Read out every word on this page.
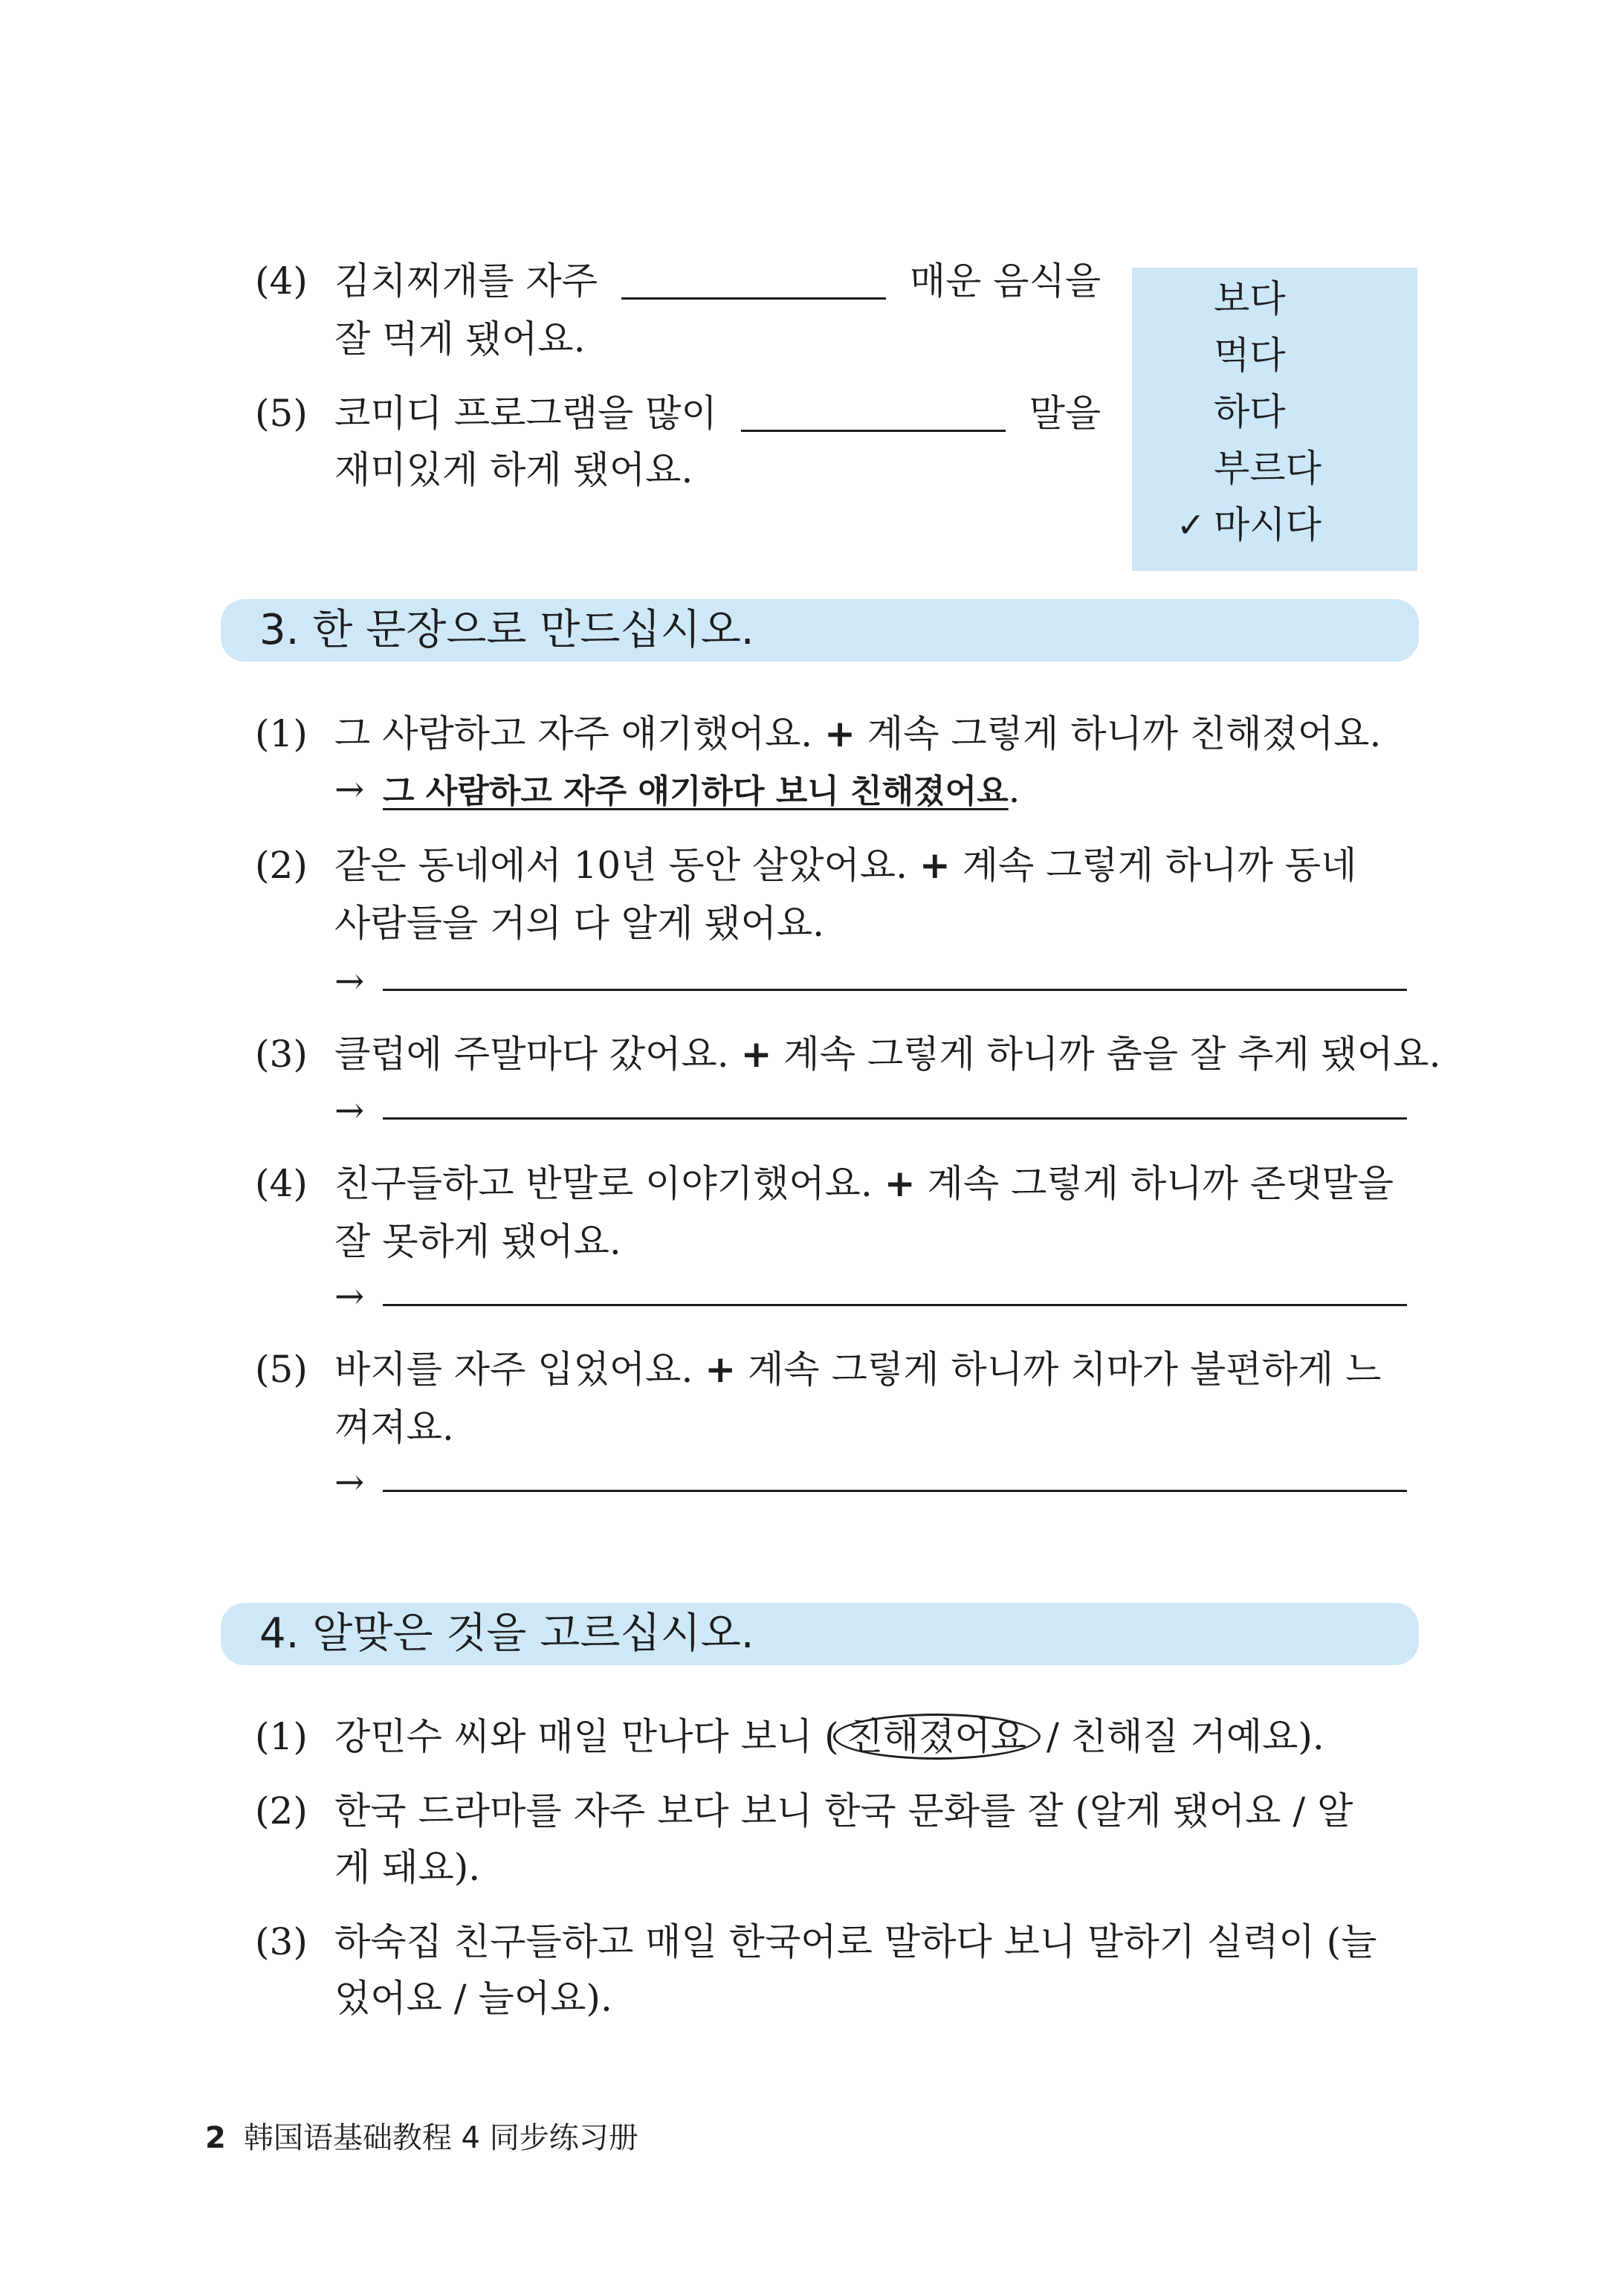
(4) 김치찌개를 자주	매운 음식을
잘 먹게 됐어요.
(5) 코미디 프로그램을 많이	말을
재미있게 하게 됐어요.
보다
먹다
하다
부르다
✓ 마시다
3. 한 문장으로 만드십시오.
(1) 그 사람하고 자주 얘기했어요. + 계속 그렇게 하니까 친해졌어요.
→ 그 사람하고 자주 얘기하다 보니 친해졌어요.
(2) 같은 동네에서 10년 동안 살았어요. + 계속 그렇게 하니까 동네
사람들을 거의 다 알게 됐어요.
→
(3) 클럽에 주말마다 갔어요. + 계속 그렇게 하니까 춤을 잘 추게 됐어요.
→
(4) 친구들하고 반말로 이야기했어요. + 계속 그렇게 하니까 존댓말을
잘 못하게 됐어요.
→
(5) 바지를 자주 입었어요. + 계속 그렇게 하니까 치마가 불편하게 느
껴져요.
→
4. 알맞은 것을 고르십시오.
(1) 강민수 씨와 매일 만나다 보니 ( 친해졌어요 / 친해질 거예요).
(2) 한국 드라마를 자주 보다 보니 한국 문화를 잘 (알게 됐어요 / 알
게 돼요).
(3) 하숙집 친구들하고 매일 한국어로 말하다 보니 말하기 실력이 (늘
었어요 / 늘어요).
2 韩国语基础教程 4 同步练习册
